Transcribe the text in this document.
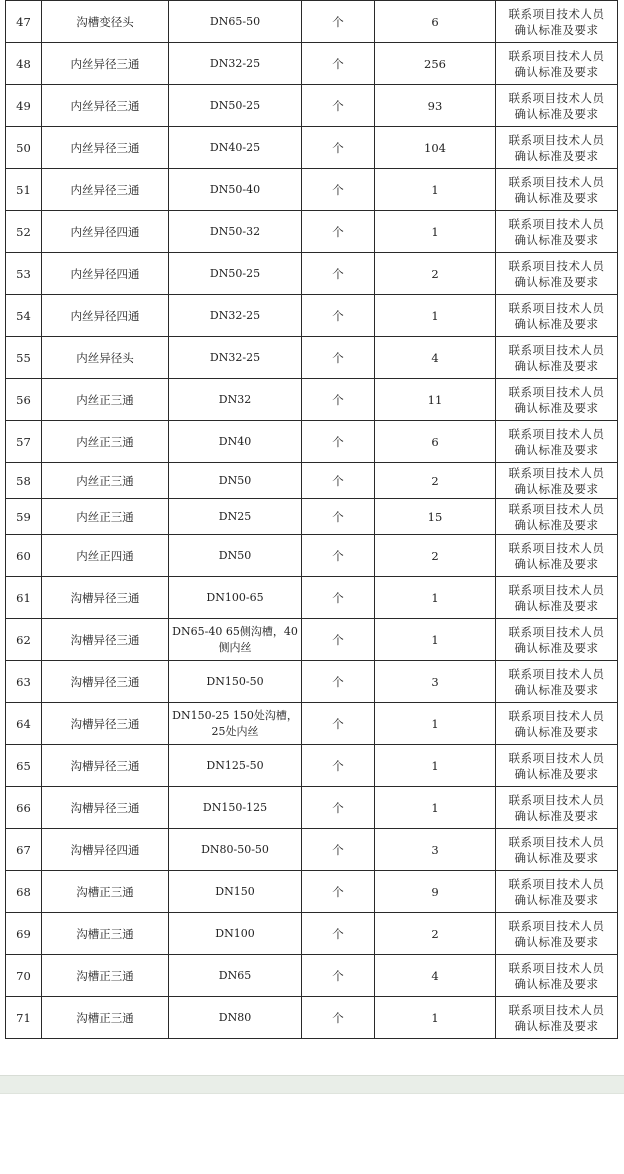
47	沟槽变径头	DN65-50	个	6	联系项目技术人员
确认标准及要求

48	内丝异径三通	DN32-25	个	256	联系项目技术人员
确认标准及要求

49	内丝异径三通	DN50-25	个	93	联系项目技术人员
确认标准及要求

50	内丝异径三通	DN40-25	个	104	联系项目技术人员
确认标准及要求

51	内丝异径三通	DN50-40	个	1	联系项目技术人员
确认标准及要求

52	内丝异径四通	DN50-32	个	1	联系项目技术人员
确认标准及要求

53	内丝异径四通	DN50-25	个	2	联系项目技术人员
确认标准及要求

54	内丝异径四通	DN32-25	个	1	联系项目技术人员
确认标准及要求

55	内丝异径头	DN32-25	个	4	联系项目技术人员
确认标准及要求

56	内丝正三通	DN32	个	11	联系项目技术人员
确认标准及要求

57	内丝正三通	DN40	个	6	联系项目技术人员
确认标准及要求

58	内丝正三通	DN50	个	2	联系项目技术人员
确认标准及要求

59	内丝正三通	DN25	个	15	联系项目技术人员
确认标准及要求

60	内丝正四通	DN50	个	2	联系项目技术人员
确认标准及要求

61	沟槽异径三通	DN100-65	个	1	联系项目技术人员
确认标准及要求

62	沟槽异径三通	DN65-40 65侧沟槽，40侧内丝	个	1	联系项目技术人员
确认标准及要求

63	沟槽异径三通	DN150-50	个	3	联系项目技术人员
确认标准及要求

64	沟槽异径三通	DN150-25 150处沟槽，25处内丝	个	1	联系项目技术人员
确认标准及要求

65	沟槽异径三通	DN125-50	个	1	联系项目技术人员
确认标准及要求

66	沟槽异径三通	DN150-125	个	1	联系项目技术人员
确认标准及要求

67	沟槽异径四通	DN80-50-50	个	3	联系项目技术人员
确认标准及要求

68	沟槽正三通	DN150	个	9	联系项目技术人员
确认标准及要求

69	沟槽正三通	DN100	个	2	联系项目技术人员
确认标准及要求

70	沟槽正三通	DN65	个	4	联系项目技术人员
确认标准及要求

71	沟槽正三通	DN80	个	1	联系项目技术人员
确认标准及要求
